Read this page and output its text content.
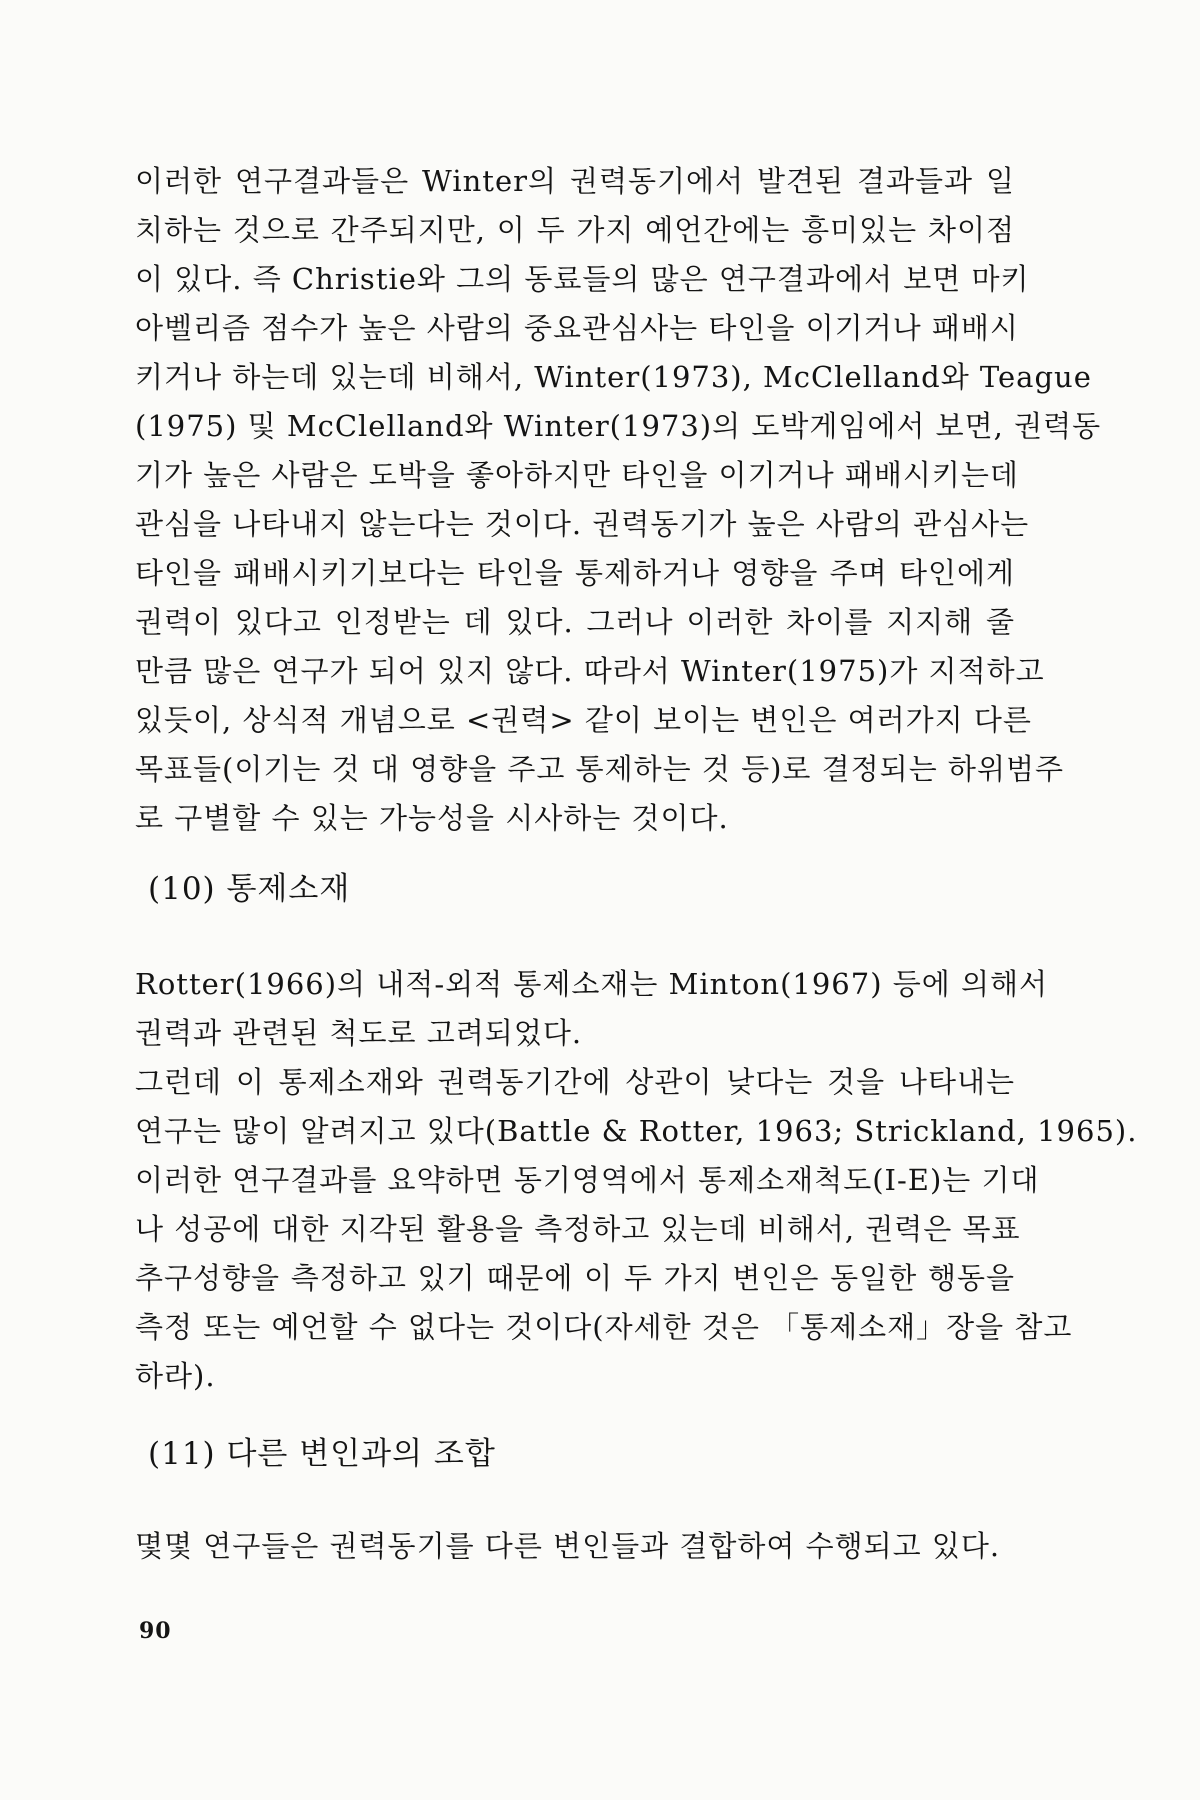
이러한 연구결과들은 Winter의 권력동기에서 발견된 결과들과 일
치하는 것으로 간주되지만, 이 두 가지 예언간에는 흥미있는 차이점
이 있다. 즉 Christie와 그의 동료들의 많은 연구결과에서 보면 마키
아벨리즘 점수가 높은 사람의 중요관심사는 타인을 이기거나 패배시
키거나 하는데 있는데 비해서, Winter(1973), McClelland와 Teague
(1975) 및 McClelland와 Winter(1973)의 도박게임에서 보면, 권력동
기가 높은 사람은 도박을 좋아하지만 타인을 이기거나 패배시키는데
관심을 나타내지 않는다는 것이다. 권력동기가 높은 사람의 관심사는
타인을 패배시키기보다는 타인을 통제하거나 영향을 주며 타인에게
권력이 있다고 인정받는 데 있다. 그러나 이러한 차이를 지지해 줄
만큼 많은 연구가 되어 있지 않다. 따라서 Winter(1975)가 지적하고
있듯이, 상식적 개념으로 <권력> 같이 보이는 변인은 여러가지 다른
목표들(이기는 것 대 영향을 주고 통제하는 것 등)로 결정되는 하위범주
로 구별할 수 있는 가능성을 시사하는 것이다.
(10) 통제소재
Rotter(1966)의 내적-외적 통제소재는 Minton(1967) 등에 의해서
권력과 관련된 척도로 고려되었다.
그런데 이 통제소재와 권력동기간에 상관이 낮다는 것을 나타내는
연구는 많이 알려지고 있다(Battle & Rotter, 1963; Strickland, 1965).
이러한 연구결과를 요약하면 동기영역에서 통제소재척도(I-E)는 기대
나 성공에 대한 지각된 활용을 측정하고 있는데 비해서, 권력은 목표
추구성향을 측정하고 있기 때문에 이 두 가지 변인은 동일한 행동을
측정 또는 예언할 수 없다는 것이다(자세한 것은 「통제소재」장을 참고
하라).
(11) 다른 변인과의 조합
몇몇 연구들은 권력동기를 다른 변인들과 결합하여 수행되고 있다.
90
